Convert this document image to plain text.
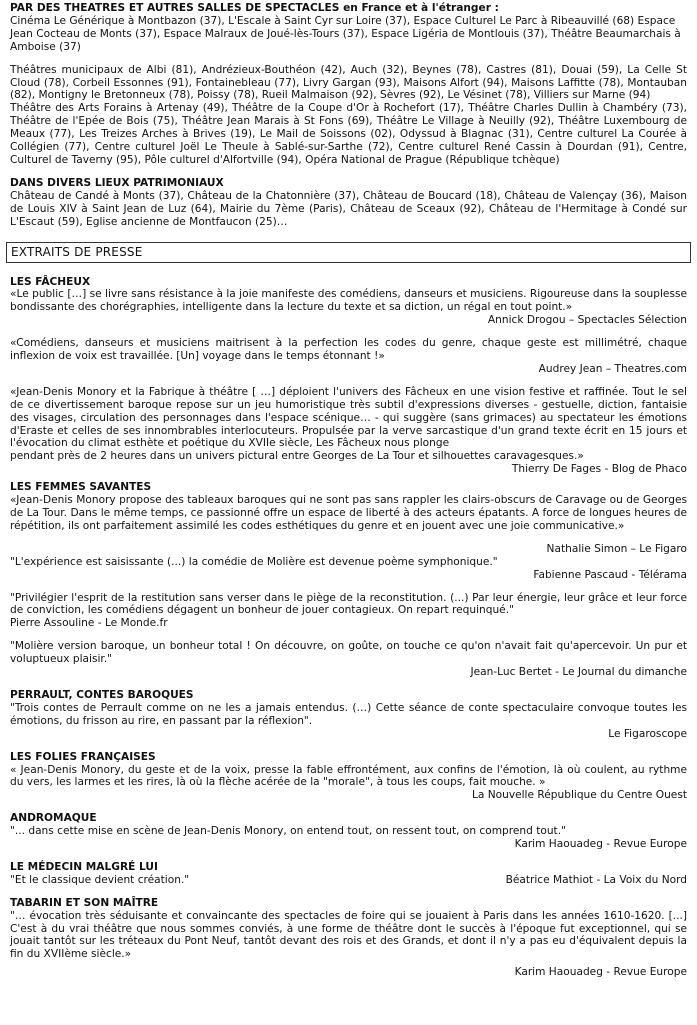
PAR DES THEATRES ET AUTRES SALLES DE SPECTACLES en France et à l'étranger :
Cinéma Le Générique à Montbazon (37), L'Escale à Saint Cyr sur Loire (37), Espace Culturel Le Parc à Ribeauvillé (68) Espace Jean Cocteau de Monts (37), Espace Malraux de Joué-lès-Tours (37), Espace Ligéria de Montlouis (37), Théâtre Beaumarchais à Amboise (37)
Théâtres municipaux de Albi (81), Andrézieux-Bouthéon (42), Auch (32), Beynes (78), Castres (81), Douai (59), La Celle St Cloud (78), Corbeil Essonnes (91), Fontainebleau (77), Livry Gargan (93), Maisons Alfort (94), Maisons Laffitte (78), Montauban (82), Montigny le Bretonneux (78), Poissy (78), Rueil Malmaison (92), Sèvres (92), Le Vésinet (78), Villiers sur Marne (94)
Théâtre des Arts Forains à Artenay (49), Théâtre de la Coupe d'Or à Rochefort (17), Théâtre Charles Dullin à Chambéry (73), Théâtre de l'Epée de Bois (75), Théâtre Jean Marais à St Fons (69), Théâtre Le Village à Neuilly (92), Théâtre Luxembourg de Meaux (77), Les Treizes Arches à Brives (19), Le Mail de Soissons (02), Odyssud à Blagnac (31), Centre culturel La Courée à Collégien (77), Centre culturel Joël Le Theule à Sablé-sur-Sarthe (72), Centre culturel René Cassin à Dourdan (91), Centre, Culturel de Taverny (95), Pôle culturel d'Alfortville (94), Opéra National de Prague (République tchèque)
DANS DIVERS LIEUX PATRIMONIAUX
Château de Candé à Monts (37), Château de la Chatonnière (37), Château de Boucard (18), Château de Valençay (36), Maison de Louis XIV à Saint Jean de Luz (64), Mairie du 7ème (Paris), Château de Sceaux (92), Château de l'Hermitage à Condé sur L'Escaut (59), Eglise ancienne de Montfaucon (25)…
EXTRAITS DE PRESSE
LES FÂCHEUX
«Le public […] se livre sans résistance à la joie manifeste des comédiens, danseurs et musiciens. Rigoureuse dans la souplesse bondissante des chorégraphies, intelligente dans la lecture du texte et sa diction, un régal en tout point.»
Annick Drogou – Spectacles Sélection
«Comédiens, danseurs et musiciens maitrisent à la perfection les codes du genre, chaque geste est millimétré, chaque inflexion de voix est travaillée. [Un] voyage dans le temps étonnant !»
Audrey Jean – Theatres.com
«Jean-Denis Monory et la Fabrique à théâtre [ …] déploient l'univers des Fâcheux en une vision festive et raffinée. Tout le sel de ce divertissement baroque repose sur un jeu humoristique très subtil d'expressions diverses - gestuelle, diction, fantaisie des visages, circulation des personnages dans l'espace scénique… - qui suggère (sans grimaces) au spectateur les émotions d'Eraste et celles de ses innombrables interlocuteurs. Propulsée par la verve sarcastique d'un grand texte écrit en 15 jours et l'évocation du climat esthète et poétique du XVIIe siècle, Les Fâcheux nous plonge
pendant près de 2 heures dans un univers pictural entre Georges de La Tour et silhouettes caravagesques.»
Thierry De Fages - Blog de Phaco
LES FEMMES SAVANTES
«Jean-Denis Monory propose des tableaux baroques qui ne sont pas sans rappler les clairs-obscurs de Caravage ou de Georges de La Tour. Dans le même temps, ce passionné offre un espace de liberté à des acteurs épatants. A force de longues heures de répétition, ils ont parfaitement assimilé les codes esthétiques du genre et en jouent avec une joie communicative.»
Nathalie Simon – Le Figaro
"L'expérience est saisissante (...) la comédie de Molière est devenue poème symphonique."
Fabienne Pascaud - Télérama
"Privilégier l'esprit de la restitution sans verser dans le piège de la reconstitution. (...) Par leur énergie, leur grâce et leur force de conviction, les comédiens dégagent un bonheur de jouer contagieux. On repart requinqué."
Pierre Assouline - Le Monde.fr
"Molière version baroque, un bonheur total ! On découvre, on goûte, on touche ce qu'on n'avait fait qu'apercevoir. Un pur et voluptueux plaisir."
Jean-Luc Bertet - Le Journal du dimanche
PERRAULT, CONTES BAROQUES
"Trois contes de Perrault comme on ne les a jamais entendus. (…) Cette séance de conte spectaculaire convoque toutes les émotions, du frisson au rire, en passant par la réflexion".
Le Figaroscope
LES FOLIES FRANÇAISES
« Jean-Denis Monory, du geste et de la voix, presse la fable effrontément, aux confins de l'émotion, là où coulent, au rythme du vers, les larmes et les rires, là où la flèche acérée de la "morale", à tous les coups, fait mouche. »
La Nouvelle République du Centre Ouest
ANDROMAQUE
"... dans cette mise en scène de Jean-Denis Monory, on entend tout, on ressent tout, on comprend tout."
Karim Haouadeg - Revue Europe
LE MÉDECIN MALGRÉ LUI
"Et le classique devient création."	Béatrice Mathiot - La Voix du Nord
TABARIN ET SON MAÎTRE
"… évocation très séduisante et convaincante des spectacles de foire qui se jouaient à Paris dans les années 1610-1620. [...] C'est à du vrai théâtre que nous sommes conviés, à une forme de théâtre dont le succès à l'époque fut exceptionnel, qui se jouait tantôt sur les tréteaux du Pont Neuf, tantôt devant des rois et des Grands, et dont il n'y a pas eu d'équivalent depuis la fin du XVIIème siècle.»
Karim Haouadeg - Revue Europe
